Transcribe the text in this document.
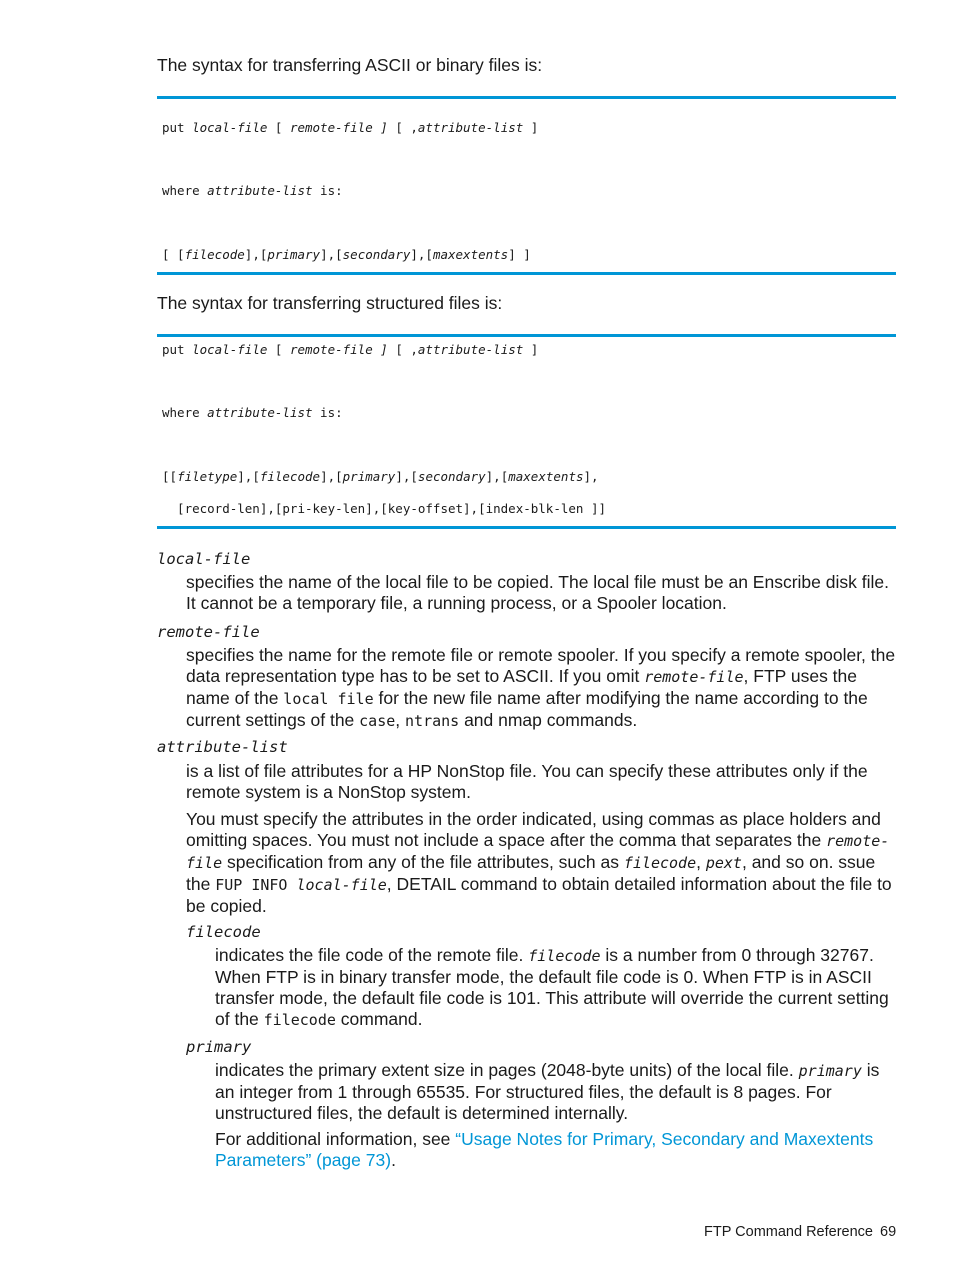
The syntax for transferring ASCII or binary files is:
put local-file [ remote-file ] [ ,attribute-list ]
where attribute-list is:
[ [filecode],[primary],[secondary],[maxextents] ]
The syntax for transferring structured files is:
put local-file [ remote-file ] [ ,attribute-list ]
where attribute-list is:
[[filetype],[filecode],[primary],[secondary],[maxextents],
[record-len],[pri-key-len],[key-offset],[index-blk-len ]]
local-file
specifies the name of the local file to be copied. The local file must be an Enscribe disk file. It cannot be a temporary file, a running process, or a Spooler location.
remote-file
specifies the name for the remote file or remote spooler. If you specify a remote spooler, the data representation type has to be set to ASCII. If you omit remote-file, FTP uses the name of the local file for the new file name after modifying the name according to the current settings of the case, ntrans and nmap commands.
attribute-list
is a list of file attributes for a HP NonStop file. You can specify these attributes only if the remote system is a NonStop system.
You must specify the attributes in the order indicated, using commas as place holders and omitting spaces. You must not include a space after the comma that separates the remote-file specification from any of the file attributes, such as filecode, pext, and so on. ssue the FUP INFO local-file, DETAIL command to obtain detailed information about the file to be copied.
filecode
indicates the file code of the remote file. filecode is a number from 0 through 32767. When FTP is in binary transfer mode, the default file code is 0. When FTP is in ASCII transfer mode, the default file code is 101. This attribute will override the current setting of the filecode command.
primary
indicates the primary extent size in pages (2048-byte units) of the local file. primary is an integer from 1 through 65535. For structured files, the default is 8 pages. For unstructured files, the default is determined internally.
For additional information, see “Usage Notes for Primary, Secondary and Maxextents Parameters” (page 73).
FTP Command Reference 69
